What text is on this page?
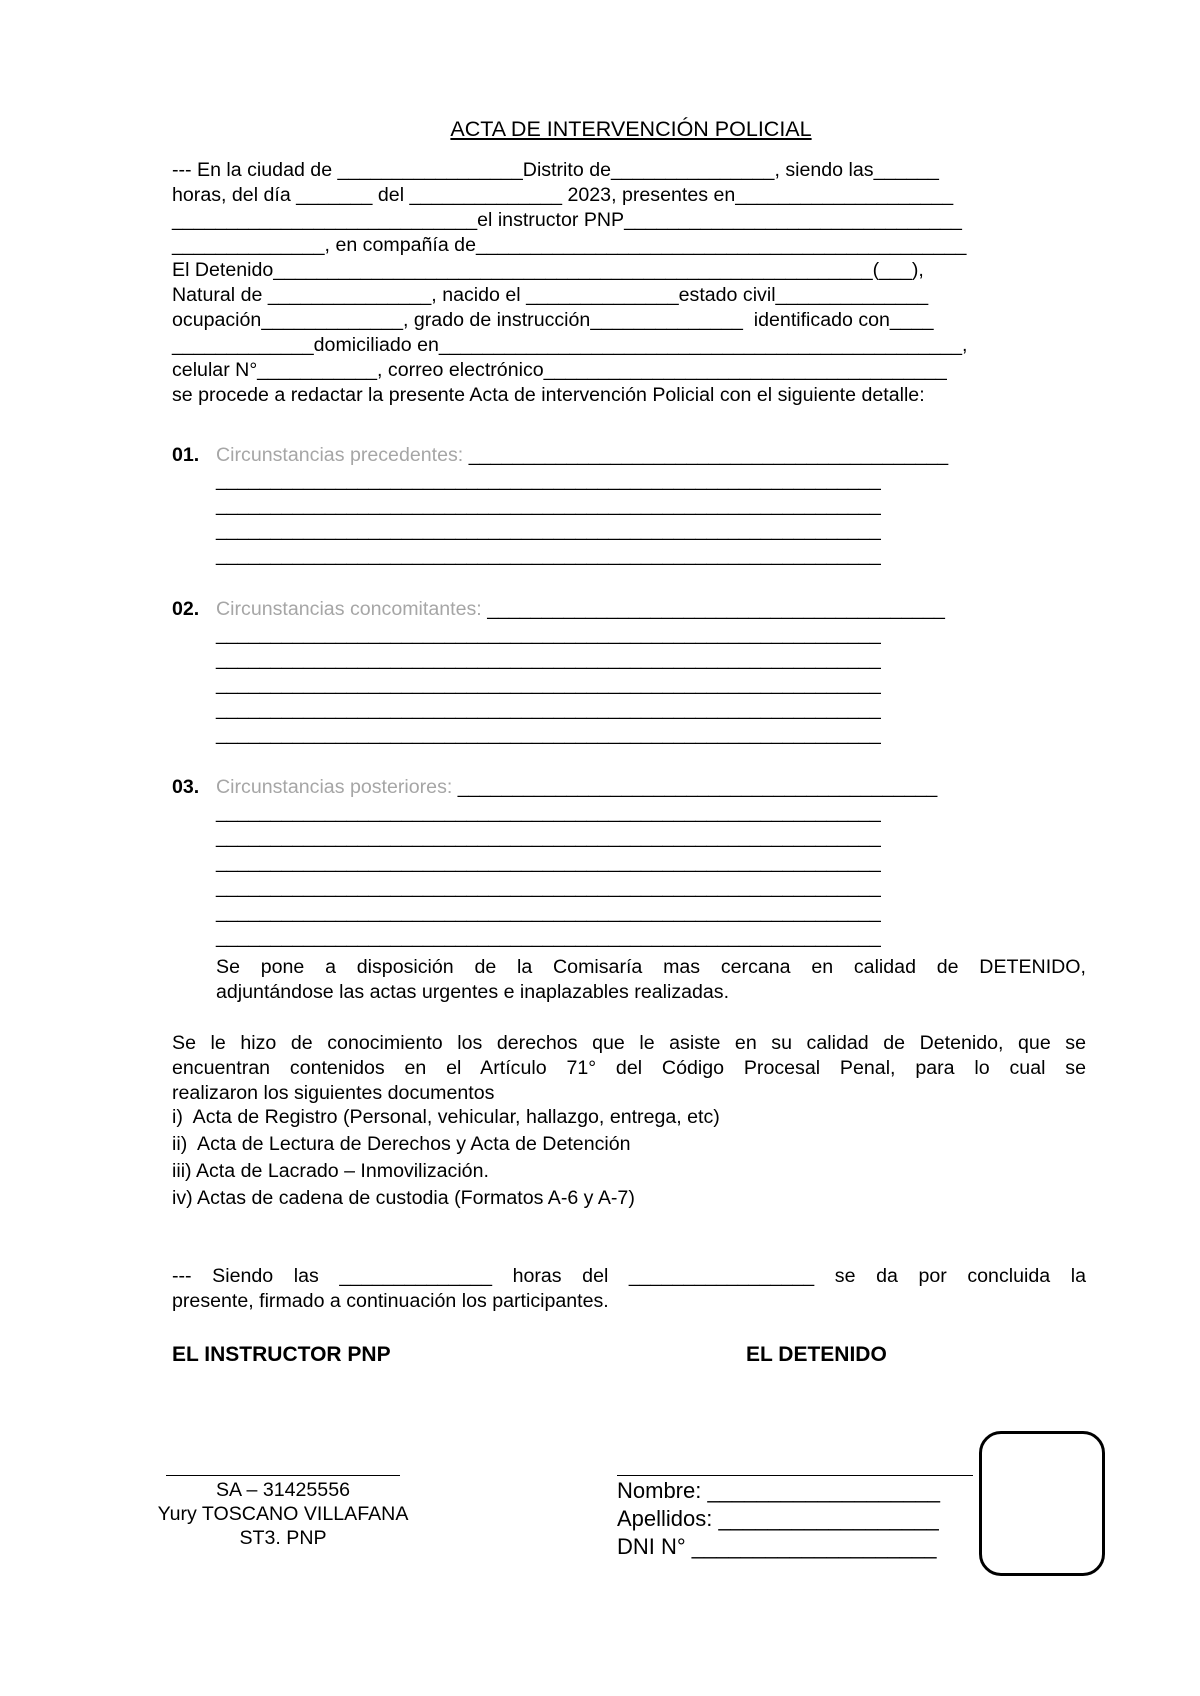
ACTA DE INTERVENCIÓN POLICIAL
--- En la ciudad de _________________Distrito de_______________, siendo las______
horas, del día _______ del ______________ 2023, presentes en____________________
____________________________el instructor PNP_______________________________
______________, en compañía de_____________________________________________
El Detenido_______________________________________________________(___),
Natural de _______________, nacido el ______________estado civil______________
ocupación_____________, grado de instrucción______________  identificado con____
_____________domiciliado en________________________________________________,
celular N°___________, correo electrónico_____________________________________
se procede a redactar la presente Acta de intervención Policial con el siguiente detalle:
01. Circunstancias precedentes: ____________________________________________
_____________________________________________________________
_____________________________________________________________
_____________________________________________________________
_____________________________________________________________
02. Circunstancias concomitantes: __________________________________________
_____________________________________________________________
_____________________________________________________________
_____________________________________________________________
_____________________________________________________________
_____________________________________________________________
03. Circunstancias posteriores: ____________________________________________
_____________________________________________________________
_____________________________________________________________
_____________________________________________________________
_____________________________________________________________
_____________________________________________________________
_____________________________________________________________
Se pone a disposición de la Comisaría mas cercana en calidad de DETENIDO,
adjuntándose las actas urgentes e inaplazables realizadas.
Se le hizo de conocimiento los derechos que le asiste en su calidad de Detenido, que se
encuentran contenidos en el Artículo 71° del Código Procesal Penal, para lo cual se
realizaron los siguientes documentos
i)  Acta de Registro (Personal, vehicular, hallazgo, entrega, etc)
ii)  Acta de Lectura de Derechos y Acta de Detención
iii) Acta de Lacrado – Inmovilización.
iv) Actas de cadena de custodia (Formatos A-6 y A-7)
--- Siendo las ______________ horas del _________________ se da por concluida la
presente, firmado a continuación los participantes.
EL INSTRUCTOR PNP	EL DETENIDO
SA – 31425556
Yury TOSCANO VILLAFANA
ST3. PNP
Nombre: ___________________
Apellidos: __________________
DNI N° ____________________
